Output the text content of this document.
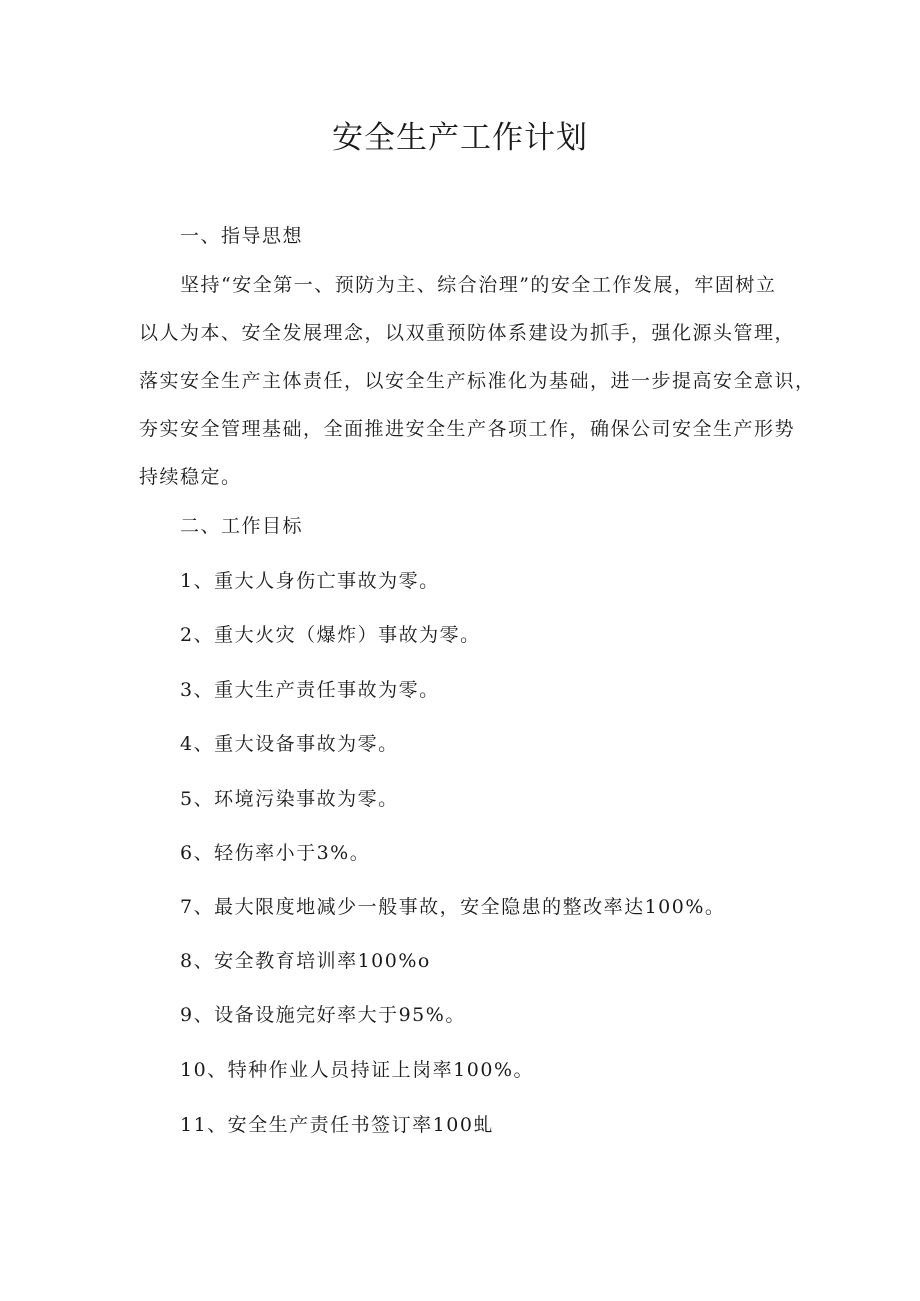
安全生产工作计划

一、指导思想

坚持“安全第一、预防为主、综合治理”的安全工作发展，牢固树立

以人为本、安全发展理念，以双重预防体系建设为抓手，强化源头管理，

落实安全生产主体责任，以安全生产标准化为基础，进一步提高安全意识，

夯实安全管理基础，全面推进安全生产各项工作，确保公司安全生产形势

持续稳定。

二、工作目标

1、重大人身伤亡事故为零。

2、重大火灾（爆炸）事故为零。

3、重大生产责任事故为零。

4、重大设备事故为零。

5、环境污染事故为零。

6、轻伤率小于3%。

7、最大限度地减少一般事故，安全隐患的整改率达100%。

8、安全教育培训率100%o

9、设备设施完好率大于95%。

10、特种作业人员持证上岗率100%。

11、安全生产责任书签订率100虬
